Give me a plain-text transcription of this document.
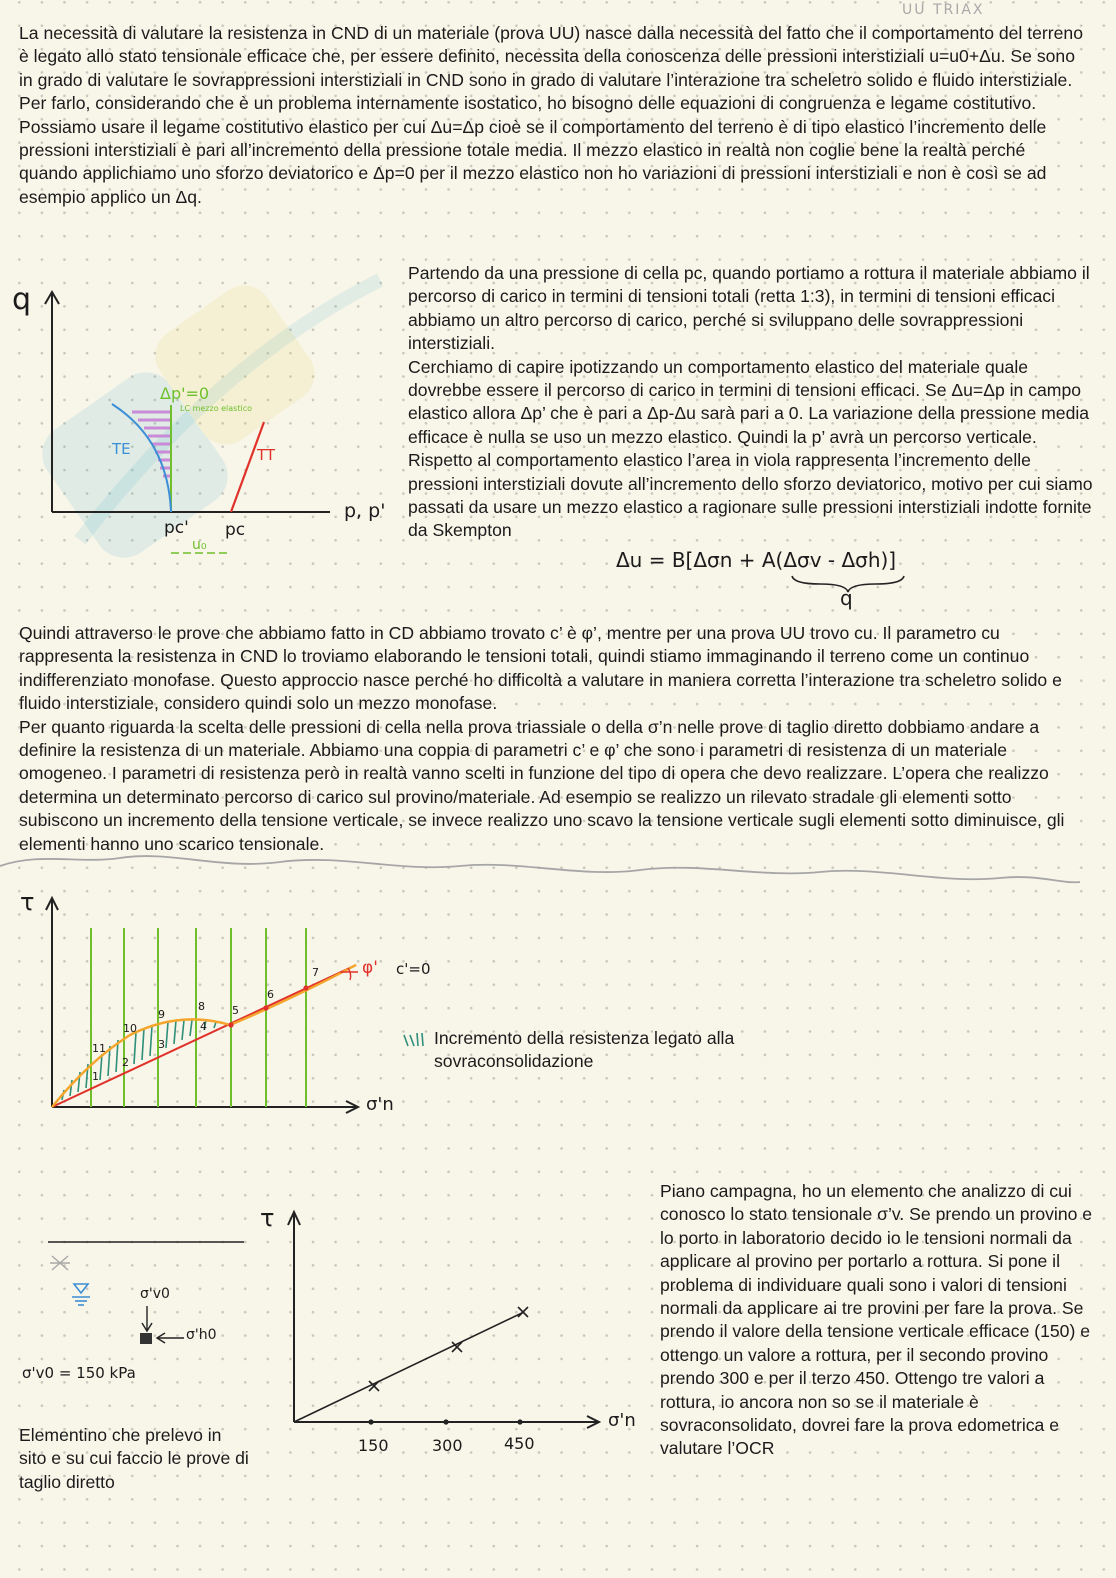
UU TRIAX

La necessità di valutare la resistenza in CND di un materiale (prova UU) nasce dalla necessità del fatto che il comportamento del terreno è legato allo stato tensionale efficace che, per essere definito, necessita della conoscenza delle pressioni interstiziali u=u0+Δu. Se sono in grado di valutare le sovrappressioni interstiziali in CND sono in grado di valutare l’interazione tra scheletro solido e fluido interstiziale. Per farlo, considerando che è un problema internamente isostatico, ho bisogno delle equazioni di congruenza e legame costitutivo. Possiamo usare il legame costitutivo elastico per cui Δu=Δp cioè se il comportamento del terreno è di tipo elastico l’incremento delle pressioni interstiziali è pari all’incremento della pressione totale media. Il mezzo elastico in realtà non coglie bene la realtà perché quando applichiamo uno sforzo deviatorico e Δp=0 per il mezzo elastico non ho variazioni di pressioni interstiziali e non è così se ad esempio applico un Δq.

q
p, p'
Δp'=0
LC mezzo elastico
TE	TT
pc' pc
u₀

Partendo da una pressione di cella pc, quando portiamo a rottura il materiale abbiamo il percorso di carico in termini di tensioni totali (retta 1:3), in termini di tensioni efficaci abbiamo un altro percorso di carico, perché si sviluppano delle sovrappressioni interstiziali.
Cerchiamo di capire ipotizzando un comportamento elastico del materiale quale dovrebbe essere il percorso di carico in termini di tensioni efficaci. Se Δu=Δp in campo elastico allora Δp’ che è pari a Δp-Δu sarà pari a 0. La variazione della pressione media efficace è nulla se uso un mezzo elastico. Quindi la p’ avrà un percorso verticale. Rispetto al comportamento elastico l’area in viola rappresenta l’incremento delle pressioni interstiziali dovute all’incremento dello sforzo deviatorico, motivo per cui siamo passati da usare un mezzo elastico a ragionare sulle pressioni interstiziali indotte fornite da Skempton

Δu = B[Δσn + A(Δσv - Δσh)]
q

Quindi attraverso le prove che abbiamo fatto in CD abbiamo trovato c’ è φ’, mentre per una prova UU trovo cu. Il parametro cu rappresenta la resistenza in CND lo troviamo elaborando le tensioni totali, quindi stiamo immaginando il terreno come un continuo indifferenziato monofase. Questo approccio nasce perché ho difficoltà a valutare in maniera corretta l’interazione tra scheletro solido e fluido interstiziale, considero quindi solo un mezzo monofase.
Per quanto riguarda la scelta delle pressioni di cella nella prova triassiale o della σ’n nelle prove di taglio diretto dobbiamo andare a definire la resistenza di un materiale. Abbiamo una coppia di parametri c’ e φ’ che sono i parametri di resistenza di un materiale omogeneo. I parametri di resistenza però in realtà vanno scelti in funzione del tipo di opera che devo realizzare. L’opera che realizzo determina un determinato percorso di carico sul provino/materiale. Ad esempio se realizzo un rilevato stradale gli elementi sotto subiscono un incremento della tensione verticale, se invece realizzo uno scavo la tensione verticale sugli elementi sotto diminuisce, gli elementi hanno uno scarico tensionale.

τ
σ'n
φ' c'=0
1
2
3
4
5
6
7
8
9
10
11
Incremento della resistenza legato alla sovraconsolidazione
σ'v0
σ'h0
σ'v0 = 150 kPa
Elementino che prelevo in sito e su cui faccio le prove di taglio diretto
τ
σ'n
150	300	450

Piano campagna, ho un elemento che analizzo di cui conosco lo stato tensionale σ’v. Se prendo un provino e lo porto in laboratorio decido io le tensioni normali da applicare al provino per portarlo a rottura. Si pone il problema di individuare quali sono i valori di tensioni normali da applicare ai tre provini per fare la prova. Se prendo il valore della tensione verticale efficace (150) e ottengo un valore a rottura, per il secondo provino prendo 300 e per il terzo 450. Ottengo tre valori a rottura, io ancora non so se il materiale è sovraconsolidato, dovrei fare la prova edometrica e valutare l’OCR
